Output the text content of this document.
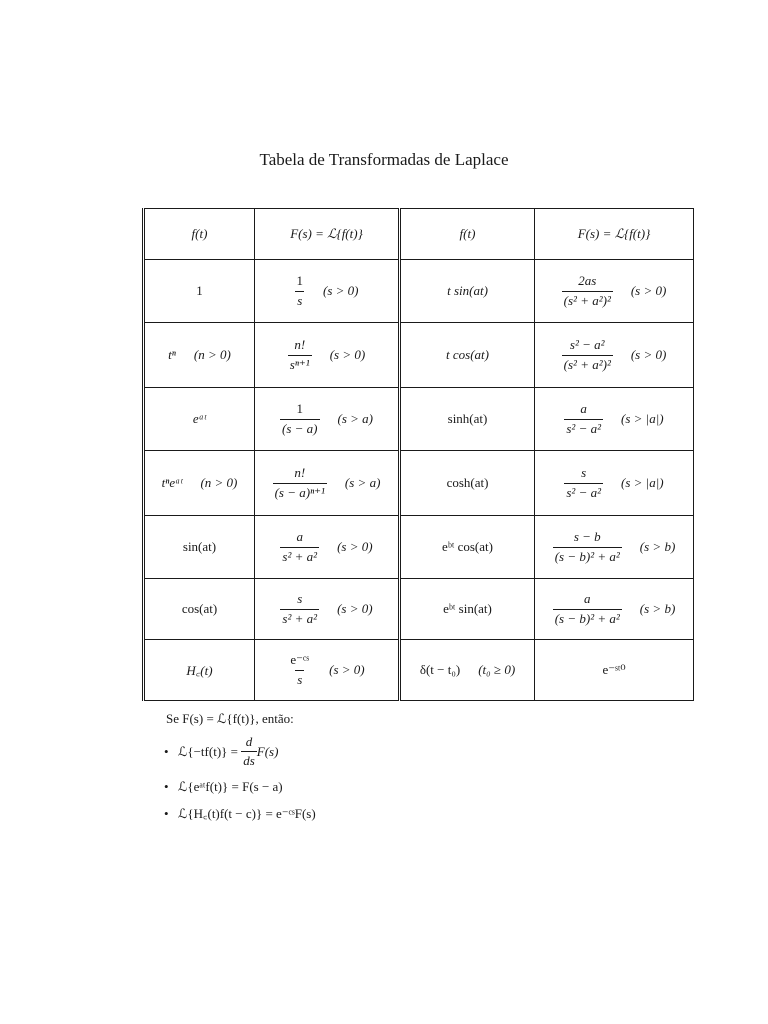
Tabela de Transformadas de Laplace
f(t)	F(s) = ℒ{f(t)}	f(t)	F(s) = ℒ{f(t)}
1	$\frac{1}{s} (s > 0)$	t sin(at)	$\frac{2as}{\text{(s² + a²)²}} (s > 0)$

tⁿ (n > 0)	$\frac{n!}{\text{sⁿ⁺¹}} (s > 0)$	t cos(at)	$\frac{\text{s² − a²}}{\text{(s² + a²)²}} (s > 0)$

eᵃᵗ	$\frac{1}{(s - a)} (s > a)$	sinh(at)	$\frac{a}{\text{s² − a²}} (s > |a|)$

tⁿeᵃᵗ (n > 0)	$\frac{n!}{\text{(s − a)ⁿ⁺¹}} (s > a)$	cosh(at)	$\frac{s}{\text{s² − a²}} (s > |a|)$

sin(at)	$\frac{a}{\text{s² + a²}} (s > 0)$	eᵇᵗ cos(at)	$\frac{s - b}{\text{(s − b)² + a²}} (s > b)$

cos(at)	$\frac{s}{\text{s² + a²}} (s > 0)$	eᵇᵗ sin(at)	$\frac{a}{\text{(s − b)² + a²}} (s > b)$

H꜀(t)	$\frac{\text{e⁻ᶜˢ}}{s} (s > 0)$	δ(t − t₀) (t₀ ≥ 0)	e⁻ˢᵗ⁰
Se F(s) = ℒ{f(t)}, então:
• ℒ{−tf(t)} =
$\frac{d}{ds} F(s)$
• ℒ{eᵃᵗf(t)} = F(s − a)
• ℒ{H꜀(t)f(t − c)} = e⁻ᶜˢF(s)
